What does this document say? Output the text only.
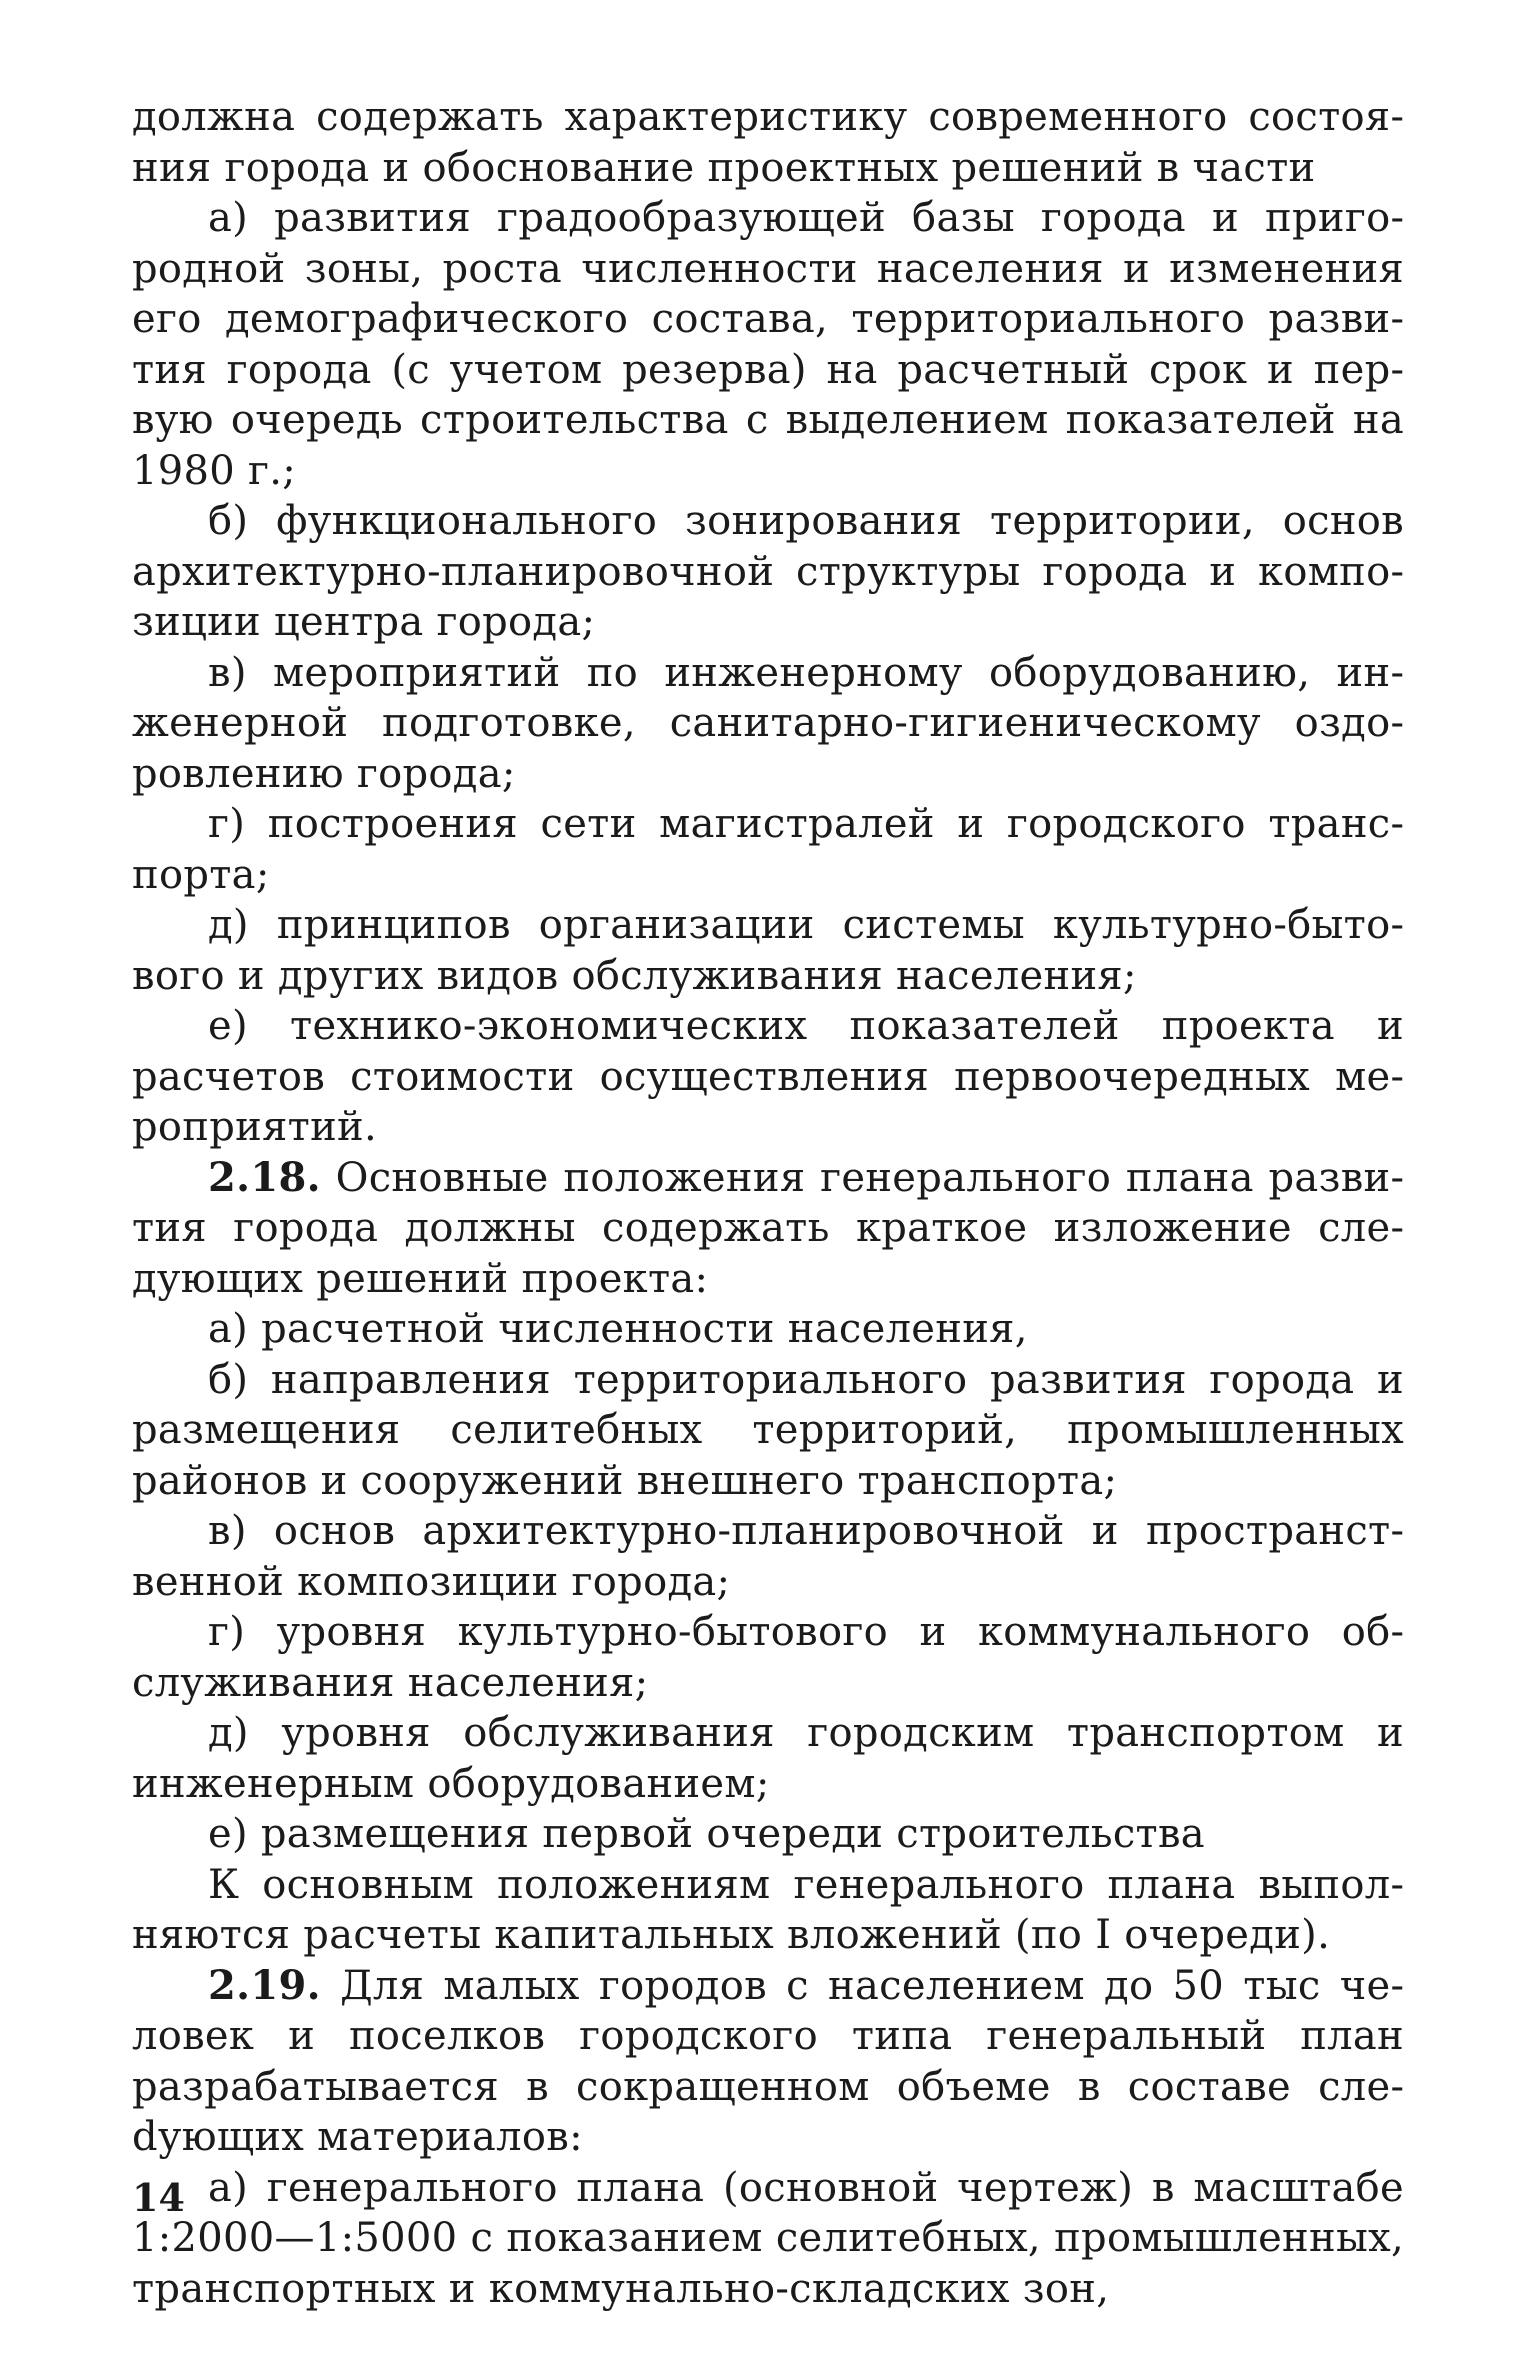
должна содержать характеристику современного состояния города и обоснование проектных решений в части

а) развития градообразующей базы города и пригородной зоны, роста численности населения и изменения его демографического состава, территориального развития города (с учетом резерва) на расчетный срок и первую очередь строительства с выделением показателей на 1980 г.;

б) функционального зонирования территории, основ архитектурно-планировочной структуры города и композиции центра города;

в) мероприятий по инженерному оборудованию, инженерной подготовке, санитарно-гигиеническому оздоровлению города;

г) построения сети магистралей и городского транспорта;

д) принципов организации системы культурно-бытового и других видов обслуживания населения;

е) технико-экономических показателей проекта и расчетов стоимости осуществления первоочередных мероприятий.

2.18. Основные положения генерального плана развития города должны содержать краткое изложение следующих решений проекта:

а) расчетной численности населения,

б) направления территориального развития города и размещения селитебных территорий, промышленных районов и сооружений внешнего транспорта;

в) основ архитектурно-планировочной и пространственной композиции города;

г) уровня культурно-бытового и коммунального обслуживания населения;

д) уровня обслуживания городским транспортом и инженерным оборудованием;

е) размещения первой очереди строительства

К основным положениям генерального плана выполняются расчеты капитальных вложений (по I очереди).

2.19. Для малых городов с населением до 50 тыс человек и поселков городского типа генеральный план разрабатывается в сокращенном объеме в составе слеdующих материалов:

а) генерального плана (основной чертеж) в масштабе 1:2000—1:5000 с показанием селитебных, промышленных, транспортных и коммунально-складских зон,

14
